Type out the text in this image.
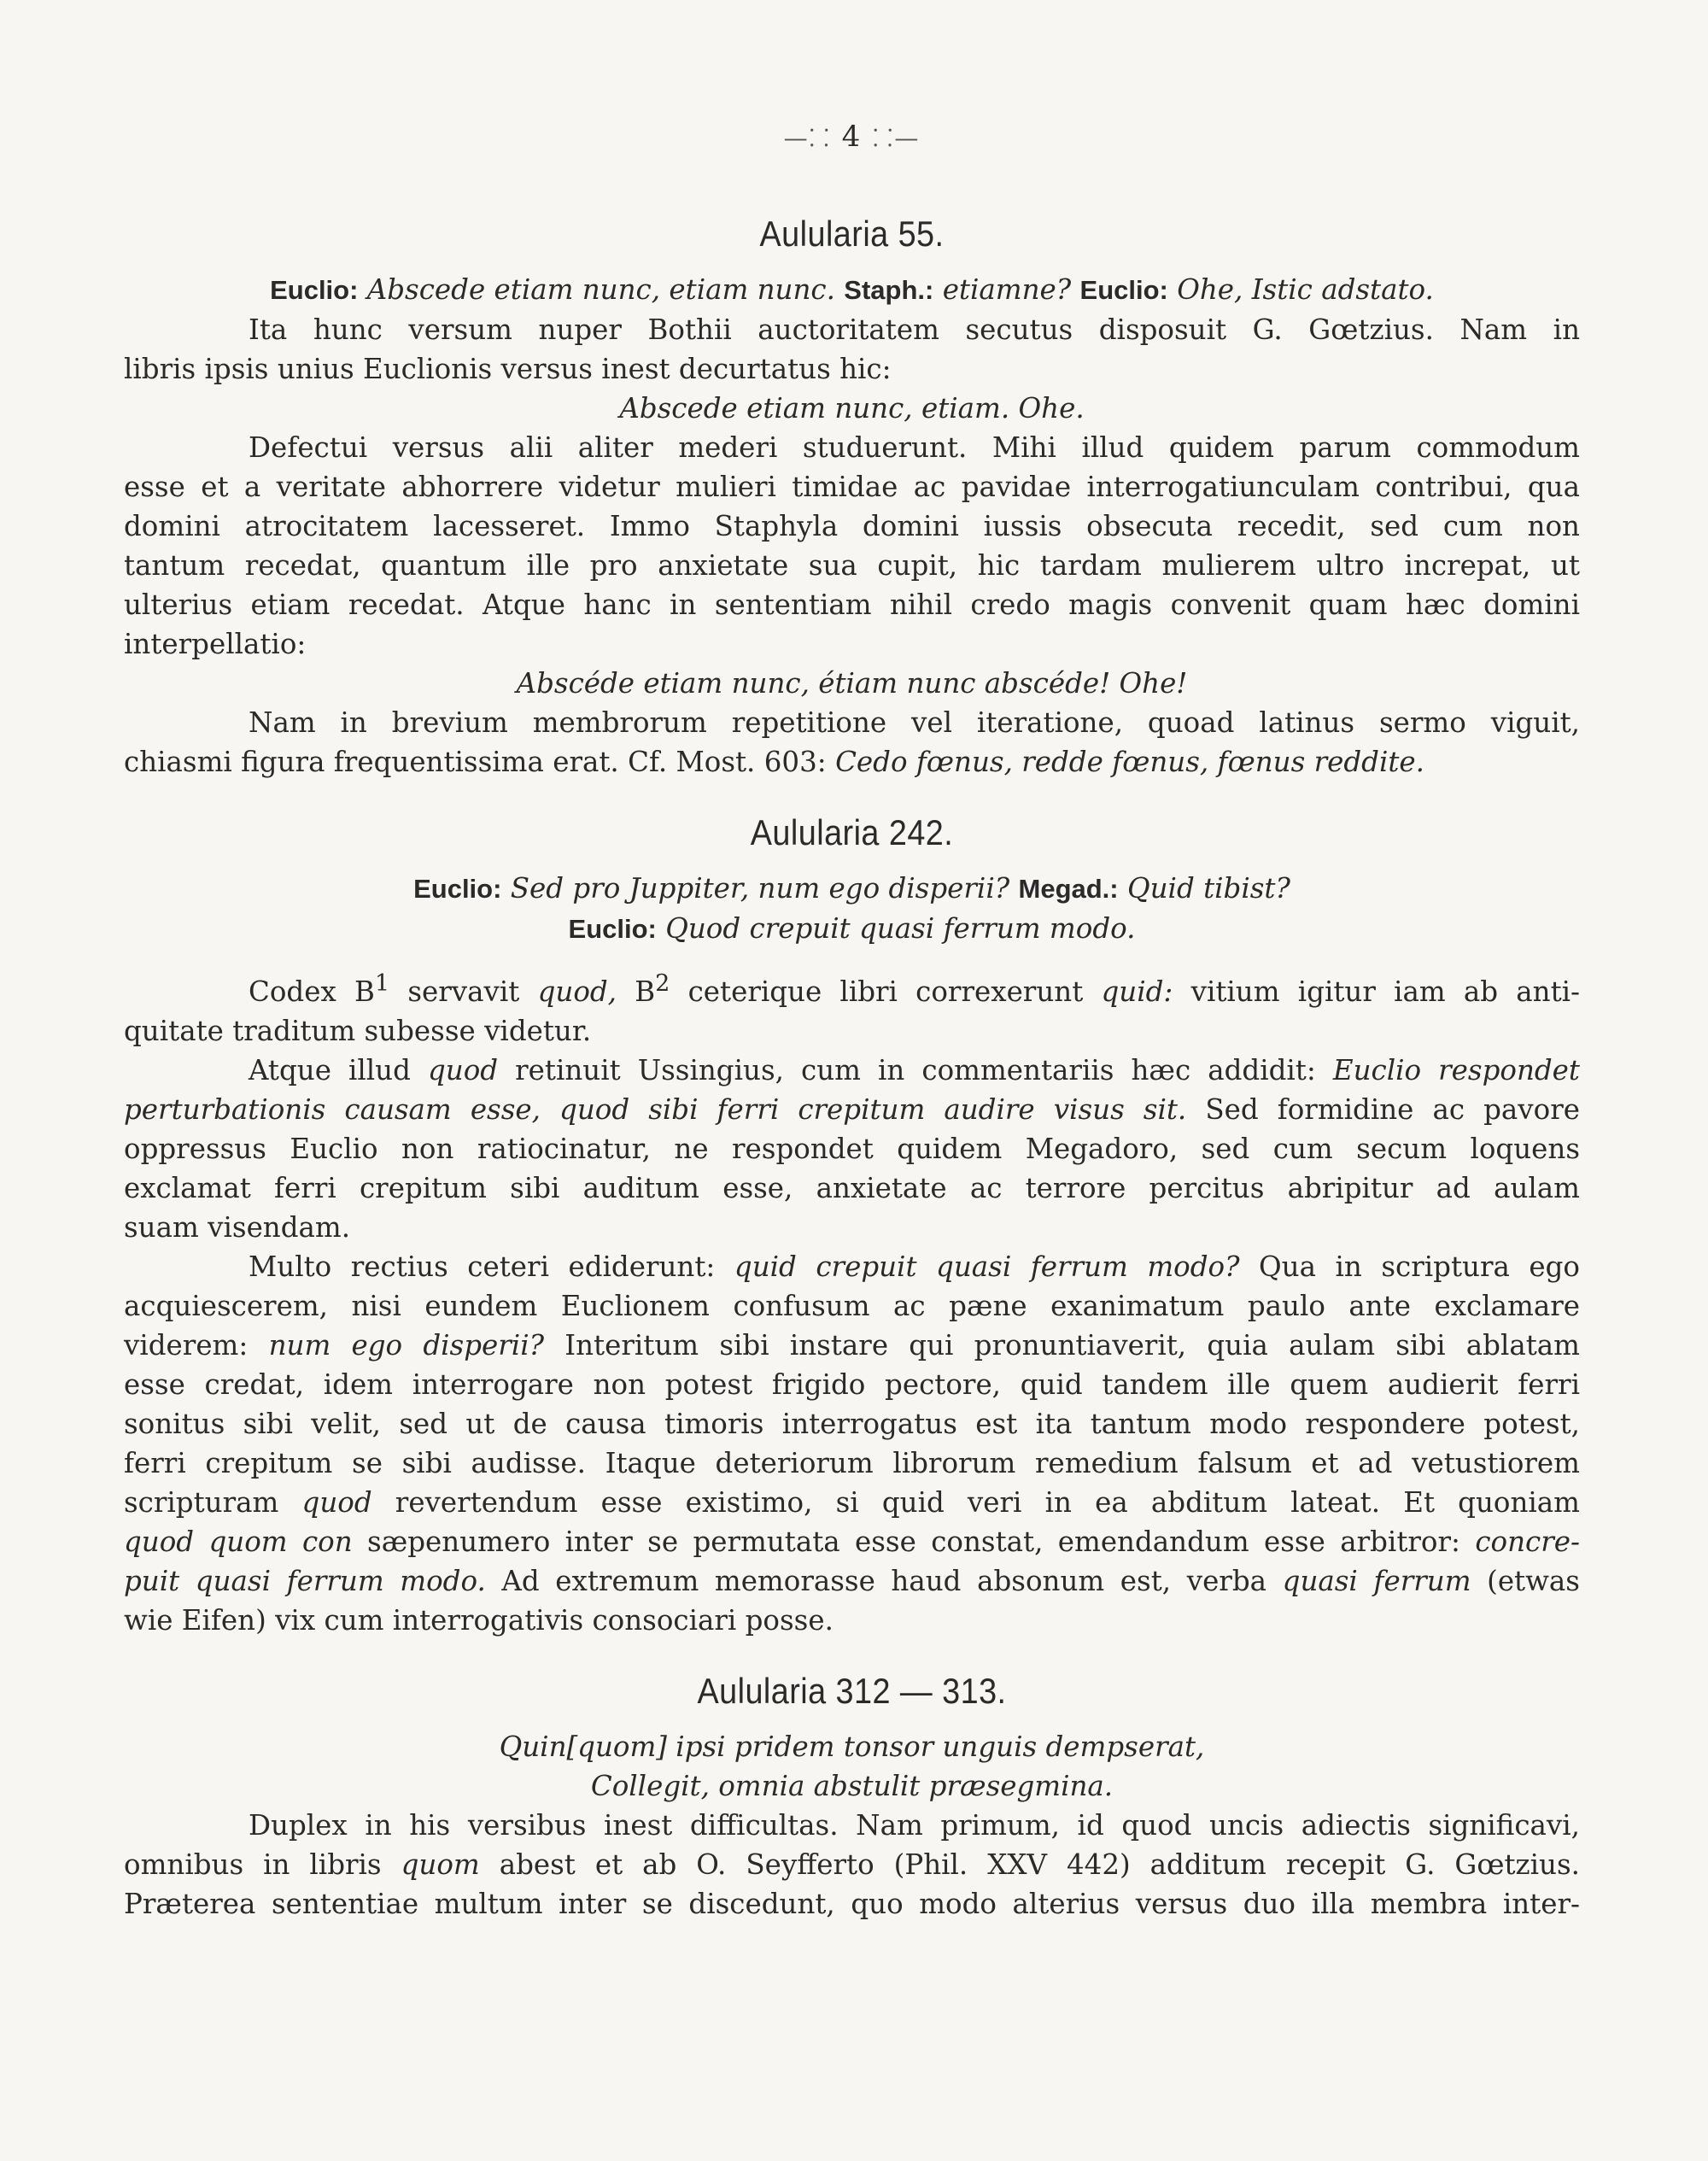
—⸬ 4 ⸬—
Aulularia 55.
Euclio: Abscede etiam nunc, etiam nunc. Staph.: etiamne? Euclio: Ohe, Istic adstato.
Ita hunc versum nuper Bothii auctoritatem secutus disposuit G. Gœtzius. Nam in
libris ipsis unius Euclionis versus inest decurtatus hic:
Abscede etiam nunc, etiam. Ohe.
Defectui versus alii aliter mederi studuerunt. Mihi illud quidem parum commodum
esse et a veritate abhorrere videtur mulieri timidae ac pavidae interrogatiunculam contribui, qua
domini atrocitatem lacesseret. Immo Staphyla domini iussis obsecuta recedit, sed cum non
tantum recedat, quantum ille pro anxietate sua cupit, hic tardam mulierem ultro increpat, ut
ulterius etiam recedat. Atque hanc in sententiam nihil credo magis convenit quam hæc domini
interpellatio:
Abscéde etiam nunc, étiam nunc abscéde! Ohe!
Nam in brevium membrorum repetitione vel iteratione, quoad latinus sermo viguit,
chiasmi figura frequentissima erat. Cf. Most. 603: Cedo fœnus, redde fœnus, fœnus reddite.
Aulularia 242.
Euclio: Sed pro Juppiter, num ego disperii? Megad.: Quid tibist?
Euclio: Quod crepuit quasi ferrum modo.
Codex $B^1$ servavit quod, $B^2$ ceterique libri correxerunt quid: vitium igitur iam ab anti-
quitate traditum subesse videtur.
Atque illud quod retinuit Ussingius, cum in commentariis hæc addidit: Euclio respondet
perturbationis causam esse, quod sibi ferri crepitum audire visus sit. Sed formidine ac pavore
oppressus Euclio non ratiocinatur, ne respondet quidem Megadoro, sed cum secum loquens
exclamat ferri crepitum sibi auditum esse, anxietate ac terrore percitus abripitur ad aulam
suam visendam.
Multo rectius ceteri ediderunt: quid crepuit quasi ferrum modo? Qua in scriptura ego
acquiescerem, nisi eundem Euclionem confusum ac pæne exanimatum paulo ante exclamare
viderem: num ego disperii? Interitum sibi instare qui pronuntiaverit, quia aulam sibi ablatam
esse credat, idem interrogare non potest frigido pectore, quid tandem ille quem audierit ferri
sonitus sibi velit, sed ut de causa timoris interrogatus est ita tantum modo respondere potest,
ferri crepitum se sibi audisse. Itaque deteriorum librorum remedium falsum et ad vetustiorem
scripturam quod revertendum esse existimo, si quid veri in ea abditum lateat. Et quoniam
quod quom con sæpenumero inter se permutata esse constat, emendandum esse arbitror: concre-
puit quasi ferrum modo. Ad extremum memorasse haud absonum est, verba quasi ferrum (etwas
wie Eifen) vix cum interrogativis consociari posse.
Aulularia 312 — 313.
Quin[quom] ipsi pridem tonsor unguis dempserat,
Collegit, omnia abstulit præsegmina.
Duplex in his versibus inest difficultas. Nam primum, id quod uncis adiectis significavi,
omnibus in libris quom abest et ab O. Seyfferto (Phil. XXV 442) additum recepit G. Gœtzius.
Præterea sententiae multum inter se discedunt, quo modo alterius versus duo illa membra inter-
